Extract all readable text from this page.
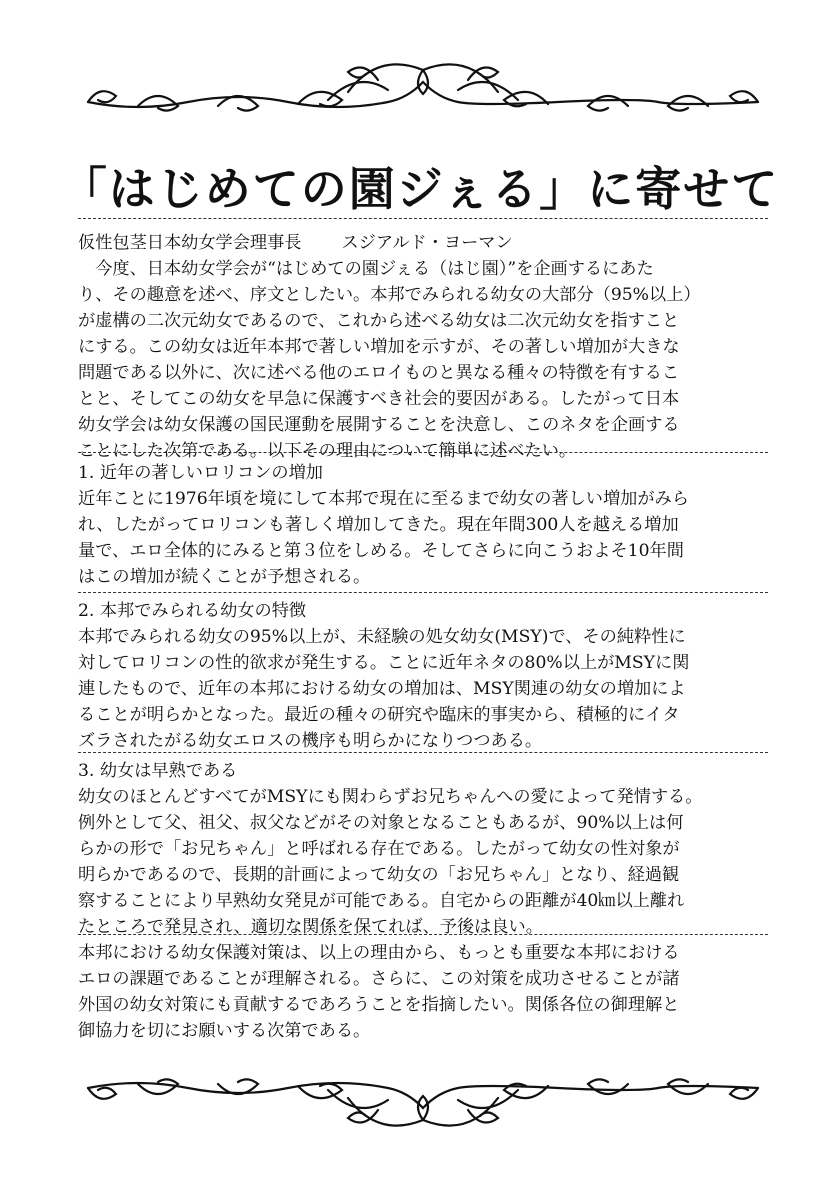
「はじめての園ジぇる」に寄せて

仮性包茎日本幼女学会理事長 スジアルド・ヨーマン

　今度、日本幼女学会が“はじめての園ジぇる（はじ園）”を企画するにあた

り、その趣意を述べ、序文としたい。本邦でみられる幼女の大部分（95%以上）

が虚構の二次元幼女であるので、これから述べる幼女は二次元幼女を指すこと

にする。この幼女は近年本邦で著しい増加を示すが、その著しい増加が大きな

問題である以外に、次に述べる他のエロイものと異なる種々の特徴を有するこ

とと、そしてこの幼女を早急に保護すべき社会的要因がある。したがって日本

幼女学会は幼女保護の国民運動を展開することを決意し、このネタを企画する

ことにした次第である。以下その理由について簡単に述べたい。

1. 近年の著しいロリコンの増加

近年ことに1976年頃を境にして本邦で現在に至るまで幼女の著しい増加がみら

れ、したがってロリコンも著しく増加してきた。現在年間300人を越える増加

量で、エロ全体的にみると第３位をしめる。そしてさらに向こうおよそ10年間

はこの増加が続くことが予想される。

2. 本邦でみられる幼女の特徴

本邦でみられる幼女の95%以上が、未経験の処女幼女(MSY)で、その純粋性に

対してロリコンの性的欲求が発生する。ことに近年ネタの80%以上がMSYに関

連したもので、近年の本邦における幼女の増加は、MSY関連の幼女の増加によ

ることが明らかとなった。最近の種々の研究や臨床的事実から、積極的にイタ

ズラされたがる幼女エロスの機序も明らかになりつつある。

3. 幼女は早熟である

幼女のほとんどすべてがMSYにも関わらずお兄ちゃんへの愛によって発情する。

例外として父、祖父、叔父などがその対象となることもあるが、90%以上は何

らかの形で「お兄ちゃん」と呼ばれる存在である。したがって幼女の性対象が

明らかであるので、長期的計画によって幼女の「お兄ちゃん」となり、経過観

察することにより早熟幼女発見が可能である。自宅からの距離が40㎞以上離れ

たところで発見され、適切な関係を保てれば、予後は良い。

本邦における幼女保護対策は、以上の理由から、もっとも重要な本邦における

エロの課題であることが理解される。さらに、この対策を成功させることが諸

外国の幼女対策にも貢献するであろうことを指摘したい。関係各位の御理解と

御協力を切にお願いする次第である。
